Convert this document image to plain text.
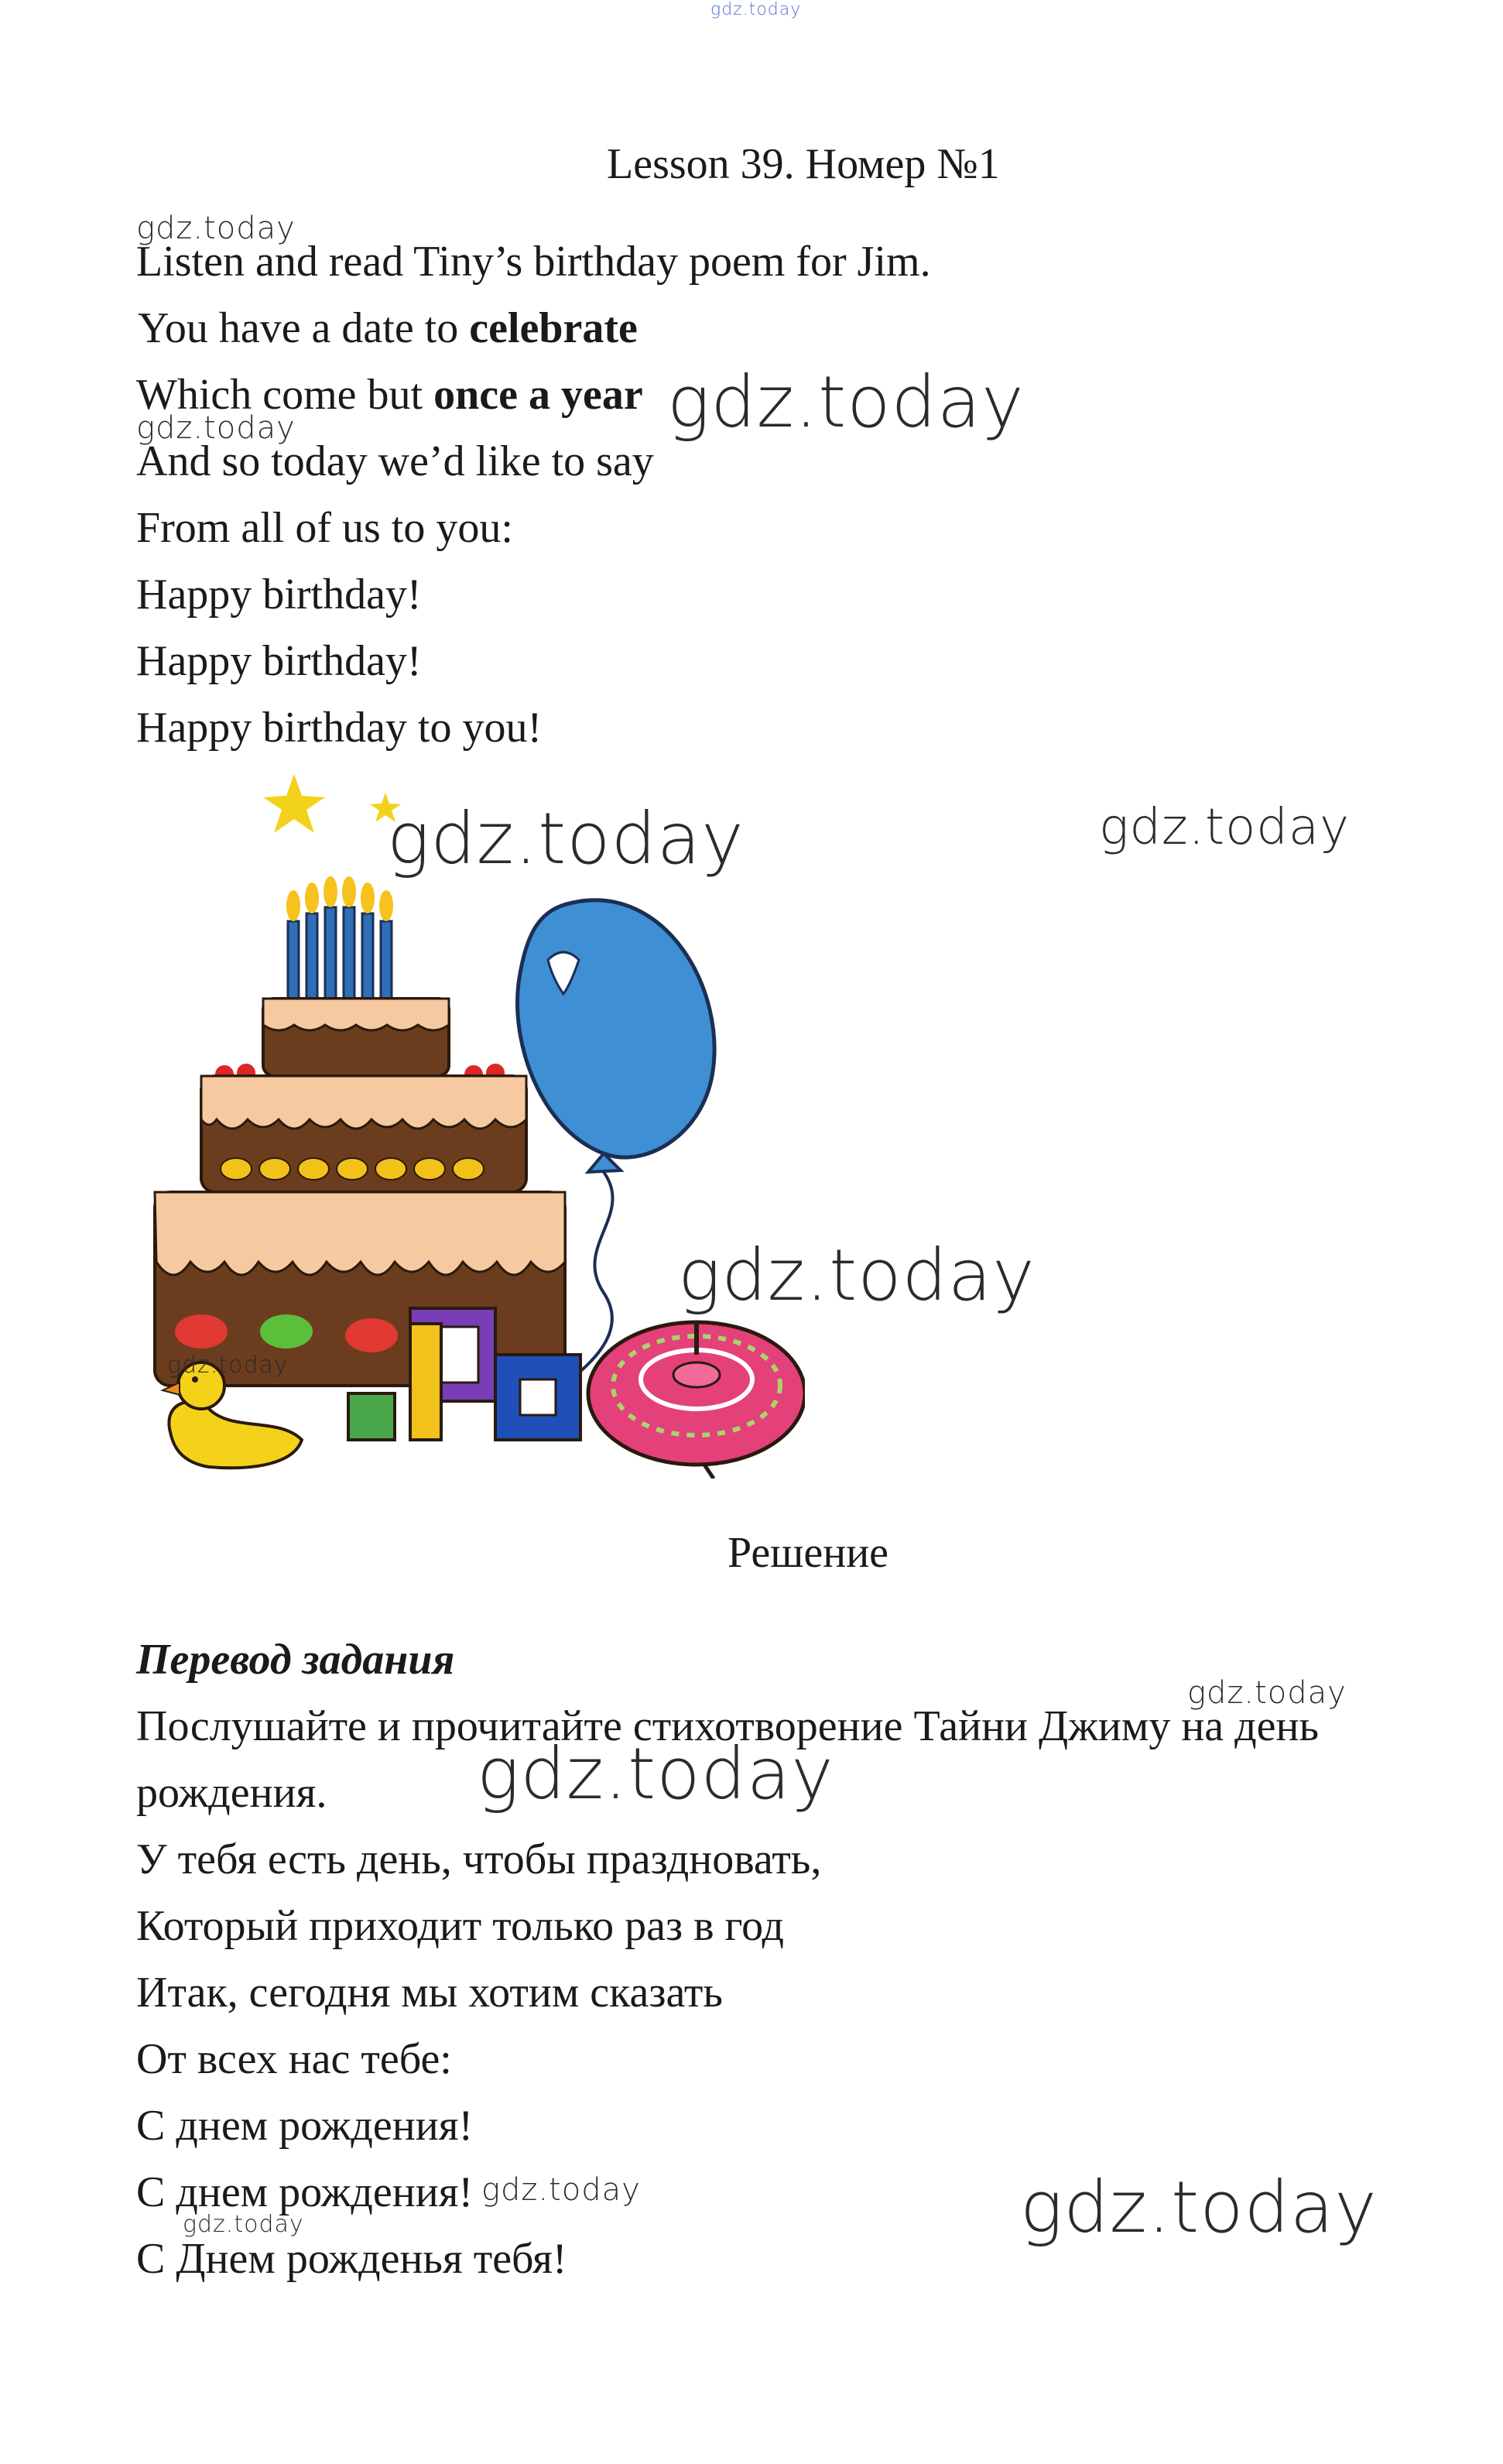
gdz.today
Lesson 39. Номер №1
gdz.today
Listen and read Tiny’s birthday poem for Jim.
You have a date to celebrate
Which come but once a year gdz.today
gdz.today
And so today we’d like to say
From all of us to you:
Happy birthday!
Happy birthday!
Happy birthday to you!
gdz.today	gdz.today
gdz.today
gdz.today
Решение
Перевод задания
gdz.today
Послушайте и прочитайте стихотворение Тайни Джиму на день
рождения. gdz.today
У тебя есть день, чтобы праздновать,
Который приходит только раз в год
Итак, сегодня мы хотим сказать
От всех нас тебе:
С днем рождения!
С днем рождения! gdz.today
gdz.today
С Днем рожденья тебя!
gdz.today
